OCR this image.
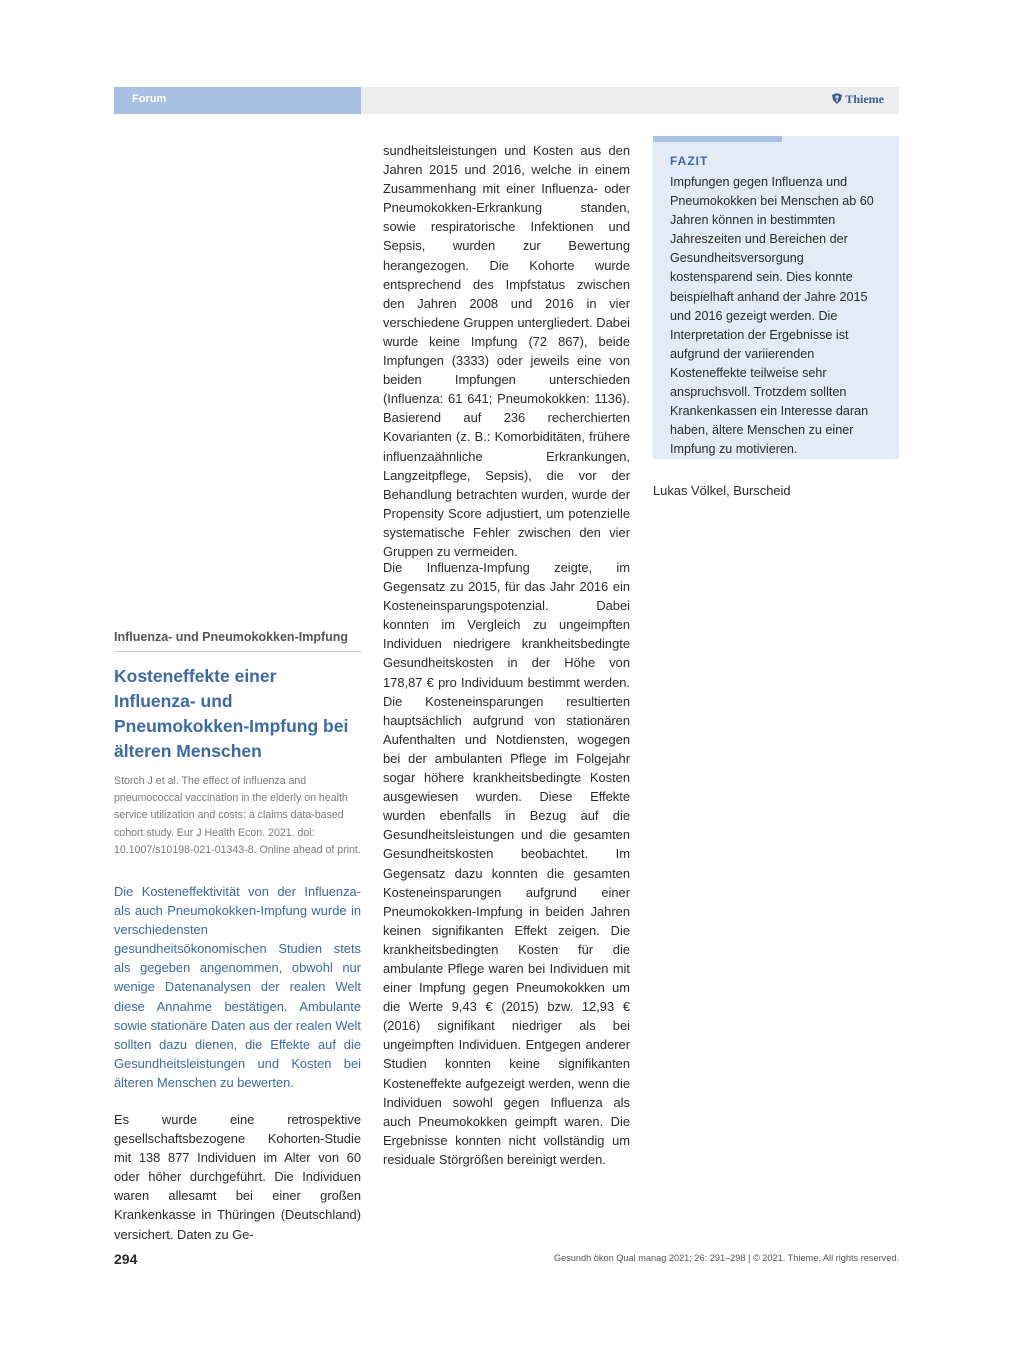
Forum	Thieme
Influenza- und Pneumokokken-Impfung
Kosteneffekte einer Influenza- und Pneumokokken-Impfung bei älteren Menschen
Storch J et al. The effect of influenza and pneumococcal vaccination in the elderly on health service utilization and costs: a claims data-based cohort study. Eur J Health Econ. 2021. doi: 10.1007/s10198-021-01343-8. Online ahead of print.
Die Kosteneffektivität von der Influenza- als auch Pneumokokken-Impfung wurde in verschiedensten gesundheitsökonomischen Studien stets als gegeben angenommen, obwohl nur wenige Datenanalysen der realen Welt diese Annahme bestätigen. Ambulante sowie stationäre Daten aus der realen Welt sollten dazu dienen, die Effekte auf die Gesundheitsleistungen und Kosten bei älteren Menschen zu bewerten.
Es wurde eine retrospektive gesellschaftsbezogene Kohorten-Studie mit 138 877 Individuen im Alter von 60 oder höher durchgeführt. Die Individuen waren allesamt bei einer großen Krankenkasse in Thüringen (Deutschland) versichert. Daten zu Ge-
sundheitsleistungen und Kosten aus den Jahren 2015 und 2016, welche in einem Zusammenhang mit einer Influenza- oder Pneumokokken-Erkrankung standen, sowie respiratorische Infektionen und Sepsis, wurden zur Bewertung herangezogen. Die Kohorte wurde entsprechend des Impfstatus zwischen den Jahren 2008 und 2016 in vier verschiedene Gruppen untergliedert. Dabei wurde keine Impfung (72 867), beide Impfungen (3333) oder jeweils eine von beiden Impfungen unterschieden (Influenza: 61 641; Pneumokokken: 1136). Basierend auf 236 recherchierten Kovarianten (z. B.: Komorbiditäten, frühere influenzaähnliche Erkrankungen, Langzeitpflege, Sepsis), die vor der Behandlung betrachten wurden, wurde der Propensity Score adjustiert, um potenzielle systematische Fehler zwischen den vier Gruppen zu vermeiden.
Die Influenza-Impfung zeigte, im Gegensatz zu 2015, für das Jahr 2016 ein Kosteneinsparungspotenzial. Dabei konnten im Vergleich zu ungeimpften Individuen niedrigere krankheitsbedingte Gesundheitskosten in der Höhe von 178,87 € pro Individuum bestimmt werden. Die Kosteneinsparungen resultierten hauptsächlich aufgrund von stationären Aufenthalten und Notdiensten, wogegen bei der ambulanten Pflege im Folgejahr sogar höhere krankheitsbedingte Kosten ausgewiesen wurden. Diese Effekte wurden ebenfalls in Bezug auf die Gesundheitsleistungen und die gesamten Gesundheitskosten beobachtet. Im Gegensatz dazu konnten die gesamten Kosteneinsparungen aufgrund einer Pneumokokken-Impfung in beiden Jahren keinen signifikanten Effekt zeigen. Die krankheitsbedingten Kosten für die ambulante Pflege waren bei Individuen mit einer Impfung gegen Pneumokokken um die Werte 9,43 € (2015) bzw. 12,93 € (2016) signifikant niedriger als bei ungeimpften Individuen. Entgegen anderer Studien konnten keine signifikanten Kosteneffekte aufgezeigt werden, wenn die Individuen sowohl gegen Influenza als auch Pneumokokken geimpft waren. Die Ergebnisse konnten nicht vollständig um residuale Störgrößen bereinigt werden.
FAZIT
Impfungen gegen Influenza und Pneumokokken bei Menschen ab 60 Jahren können in bestimmten Jahreszeiten und Bereichen der Gesundheitsversorgung kostensparend sein. Dies konnte beispielhaft anhand der Jahre 2015 und 2016 gezeigt werden. Die Interpretation der Ergebnisse ist aufgrund der variierenden Kosteneffekte teilweise sehr anspruchsvoll. Trotzdem sollten Krankenkassen ein Interesse daran haben, ältere Menschen zu einer Impfung zu motivieren.
Lukas Völkel, Burscheid
294	Gesundh ökon Qual manag 2021; 26: 291–298 | © 2021. Thieme. All rights reserved.
